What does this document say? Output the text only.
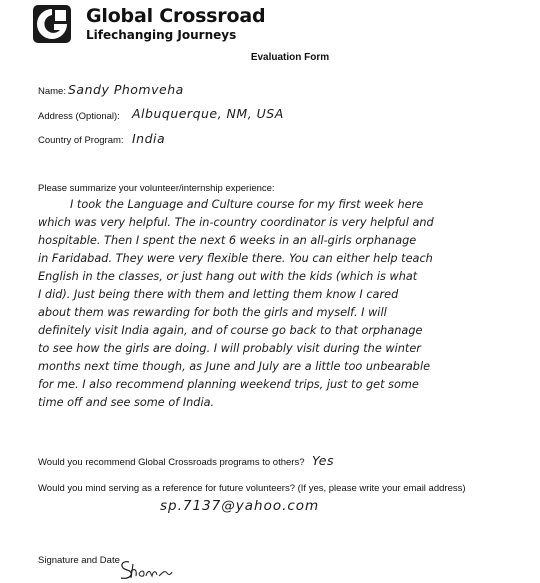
Global Crossroad
Lifechanging Journeys
Evaluation Form
Name: Sandy Phomveha
Address (Optional): Albuquerque, NM, USA
Country of Program: India
Please summarize your volunteer/internship experience:
I took the Language and Culture course for my first week here
which was very helpful. The in-country coordinator is very helpful and
hospitable. Then I spent the next 6 weeks in an all-girls orphanage
in Faridabad. They were very flexible there. You can either help teach
English in the classes, or just hang out with the kids (which is what
I did). Just being there with them and letting them know I cared
about them was rewarding for both the girls and myself. I will
definitely visit India again, and of course go back to that orphanage
to see how the girls are doing. I will probably visit during the winter
months next time though, as June and July are a little too unbearable
for me. I also recommend planning weekend trips, just to get some
time off and see some of India.
Would you recommend Global Crossroads programs to others? Yes
Would you mind serving as a reference for future volunteers? (If yes, please write your email address)
sp.7137@yahoo.com
Signature and Date
